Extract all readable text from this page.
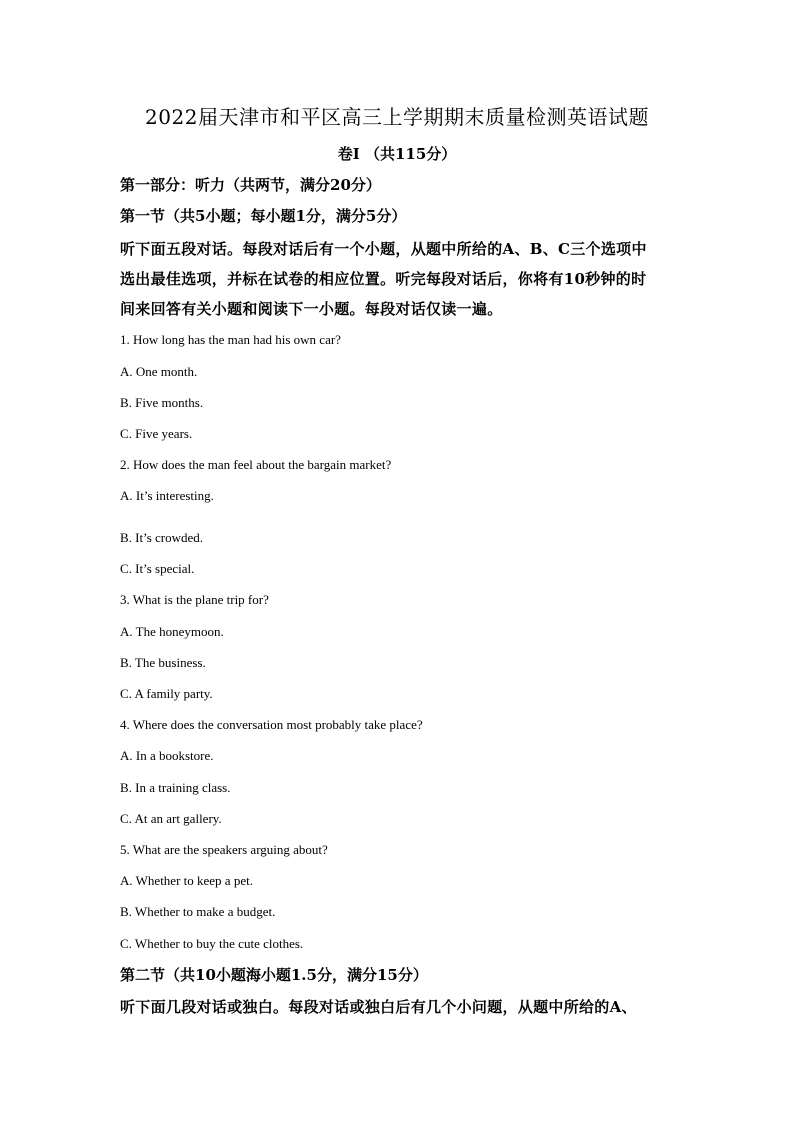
2022届天津市和平区高三上学期期末质量检测英语试题
卷I （共115分）
第一部分：听力（共两节，满分20分）
第一节（共5小题；每小题1分，满分5分）
听下面五段对话。每段对话后有一个小题，从题中所给的A、B、C三个选项中
选出最佳选项，并标在试卷的相应位置。听完每段对话后，你将有10秒钟的时
间来回答有关小题和阅读下一小题。每段对话仅读一遍。
1. How long has the man had his own car?
A. One month.
B. Five months.
C. Five years.
2. How does the man feel about the bargain market?
A. It’s interesting.
B. It’s crowded.
C. It’s special.
3. What is the plane trip for?
A. The honeymoon.
B. The business.
C. A family party.
4. Where does the conversation most probably take place?
A. In a bookstore.
B. In a training class.
C. At an art gallery.
5. What are the speakers arguing about?
A. Whether to keep a pet.
B. Whether to make a budget.
C. Whether to buy the cute clothes.
第二节（共10小题海小题1.5分，满分15分）
听下面几段对话或独白。每段对话或独白后有几个小问题，从题中所给的A、
